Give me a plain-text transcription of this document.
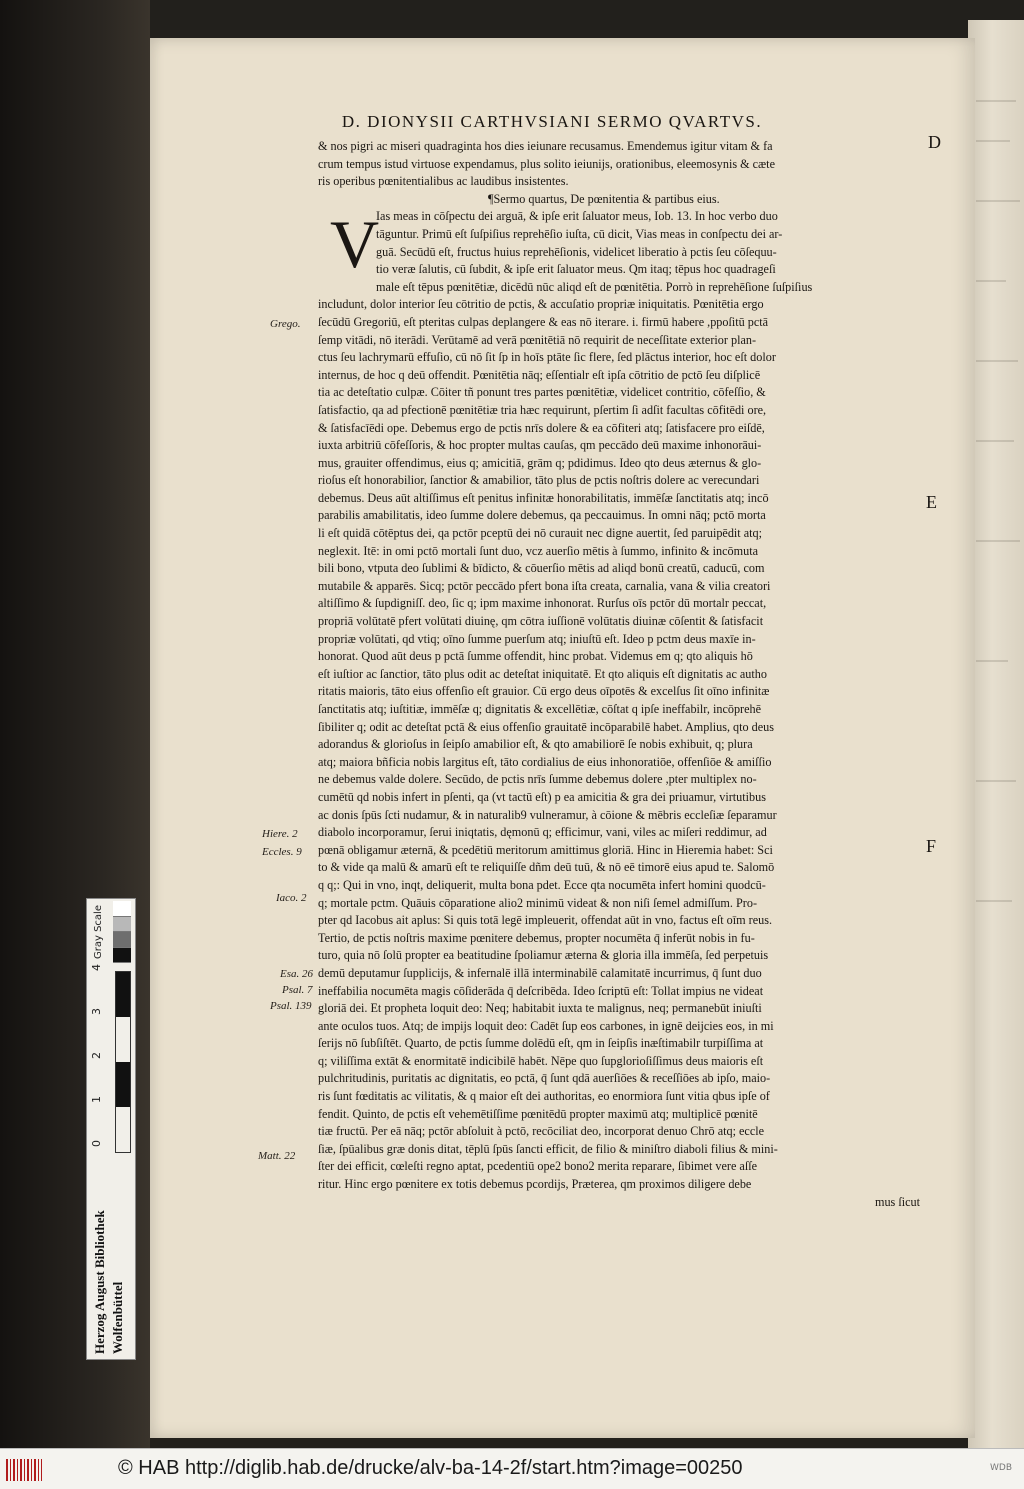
D. DIONYSII CARTHVSIANI SERMO QVARTVS.
D
E
F
V
& nos pigri ac miseri quadraginta hos dies ieiunare recusamus. Emendemus igitur vitam & fa
crum tempus istud virtuose expendamus, plus solito ieiunijs, orationibus, eleemosynis & cæte
ris operibus pœnitentialibus ac laudibus insistentes.
¶Sermo quartus, De pœnitentia & partibus eius.
Ias meas in cōſpectu dei arguā, & ipſe erit ſaluator meus, Iob. 13. In hoc verbo duo
tāguntur. Primū eſt ſuſpiſius reprehēſio iuſta, cū dicit, Vias meas in conſpectu dei ar-
guā. Secūdū eſt, fructus huius reprehēſionis, videlicet liberatio à pctis ſeu cōſequu-
tio veræ ſalutis, cū ſubdit, & ipſe erit ſaluator meus. Qm itaq; tēpus hoc quadrageſi
male eſt tēpus pœnitētiæ, dicēdū nūc aliqd eſt de pœnitētia. Porrò in reprehēſione ſuſpiſius
includunt, dolor interior ſeu cōtritio de pctis, & accuſatio propriæ iniquitatis. Pœnitētia ergo
ſecūdū Gregoriū, eſt pteritas culpas deplangere & eas nō iterare. i. firmū habere ,ppoſitū pctā
ſemp vitādi, nō iterādi. Verūtamē ad verā pœnitētiā nō requirit de neceſſitate exterior plan-
ctus ſeu lachrymarū effuſio, cū nō ſit ſp in hoīs ptāte ſic flere, ſed plāctus interior, hoc eſt dolor
internus, de hoc q deū offendit. Pœnitētia nāq; eſſentialr eſt ipſa cōtritio de pctō ſeu diſplicē
tia ac deteſtatio culpæ. Cōiter tñ ponunt tres partes pœnitētiæ, videlicet contritio, cōfeſſio, &
ſatisfactio, qa ad pfectionē pœnitētiæ tria hæc requirunt, pſertim ſi adſit facultas cōfitēdi ore,
& ſatisfacīēdi ope. Debemus ergo de pctis nrīs dolere & ea cōfiteri atq; ſatisfacere pro eiſdē,
iuxta arbitriū cōfeſſoris, & hoc propter multas cauſas, qm peccādo deū maxime inhonorāui-
mus, grauiter offendimus, eius q; amicitiā, grām q; pdidimus. Ideo qto deus æternus & glo-
rioſus eſt honorabilior, ſanctior & amabilior, tāto plus de pctis noſtris dolere ac verecundari
debemus. Deus aūt altiſſimus eſt penitus infinitæ honorabilitatis, immēſæ ſanctitatis atq; incō
parabilis amabilitatis, ideo ſumme dolere debemus, qa peccauimus. In omni nāq; pctō morta
li eſt quidā cōtēptus dei, qa pctōr pceptū dei nō curauit nec digne auertit, ſed paruipēdit atq;
neglexit. Itē: in omi pctō mortali ſunt duo, vcz auerſio mētis à ſummo, infinito & incōmuta
bili bono, vtputa deo ſublimi & bīdicto, & cōuerſio mētis ad aliqd bonū creatū, caducū, com
mutabile & apparēs. Sicq; pctōr peccādo pfert bona iſta creata, carnalia, vana & vilia creatori
altiſſimo & ſupdigniſſ. deo, ſic q; ipm maxime inhonorat. Rurſus oīs pctōr dū mortalr peccat,
propriā volūtatē pfert volūtati diuinę, qm cōtra iuſſionē volūtatis diuinæ cōſentit & ſatisfacit
propriæ volūtati, qd vtiq; oīno ſumme puerſum atq; iniuſtū eſt. Ideo p pctm deus maxīe in-
honorat. Quod aūt deus p pctā ſumme offendit, hinc probat. Videmus em q; qto aliquis hō
eſt iuſtior ac ſanctior, tāto plus odit ac deteſtat iniquitatē. Et qto aliquis eſt dignitatis ac autho
ritatis maioris, tāto eius offenſio eſt grauior. Cū ergo deus oīpotēs & excelſus ſit oīno infinitæ
ſanctitatis atq; iuſtitiæ, immēſæ q; dignitatis & excellētiæ, cōſtat q ipſe ineffabilr, incōprehē
ſibiliter q; odit ac deteſtat pctā & eius offenſio grauitatē incōparabilē habet. Amplius, qto deus
adorandus & glorioſus in ſeipſo amabilior eſt, & qto amabiliorē ſe nobis exhibuit, q; plura
atq; maiora bñficia nobis largitus eſt, tāto cordialius de eius inhonoratiōe, offenſiōe & amiſſio
ne debemus valde dolere. Secūdo, de pctis nrīs ſumme debemus dolere ,pter multiplex no-
cumētū qd nobis infert in pſenti, qa (vt tactū eſt) p ea amicitia & gra dei priuamur, virtutibus
ac donis ſpūs ſcti nudamur, & in naturalib9 vulneramur, à cōione & mēbris eccleſiæ ſeparamur
diabolo incorporamur, ſerui iniqtatis, dęmonū q; efficimur, vani, viles ac miſeri reddimur, ad
pœnā obligamur æternā, & pcedētiū meritorum amittimus gloriā. Hinc in Hieremia habet: Sci
to & vide qa malū & amarū eſt te reliquiſſe dñm deū tuū, & nō eē timorē eius apud te. Salomō
q q;: Qui in vno, inqt, deliquerit, multa bona pdet. Ecce qta nocumēta infert homini quodcū-
q; mortale pctm. Quāuis cōparatione alio2 minimū videat & non niſi ſemel admiſſum. Pro-
pter qd Iacobus ait aplus: Si quis totā legē impleuerit, offendat aūt in vno, factus eſt oīm reus.
Tertio, de pctis noſtris maxime pœnitere debemus, propter nocumēta q̄ inferūt nobis in fu-
turo, quia nō ſolū propter ea beatitudine ſpoliamur æterna & gloria illa immēſa, ſed perpetuis
demū deputamur ſupplicijs, & infernalē illā interminabilē calamitatē incurrimus, q̄ ſunt duo
ineffabilia nocumēta magis cōſiderāda q̄ deſcribēda. Ideo ſcriptū eſt: Tollat impius ne videat
gloriā dei. Et propheta loquit deo: Neq; habitabit iuxta te malignus, neq; permanebūt iniuſti
ante oculos tuos. Atq; de impijs loquit deo: Cadēt ſup eos carbones, in ignē deijcies eos, in mi
ſerijs nō ſubſiſtēt. Quarto, de pctis ſumme dolēdū eſt, qm in ſeipſis inæſtimabilr turpiſſima at
q; viliſſima extāt & enormitatē indicibilē habēt. Nēpe quo ſupglorioſiſſimus deus maioris eſt
pulchritudinis, puritatis ac dignitatis, eo pctā, q̄ ſunt qdā auerſiōes & receſſiōes ab ipſo, maio-
ris ſunt fœditatis ac vilitatis, & q maior eſt dei authoritas, eo enormiora ſunt vitia qbus ipſe of
fendit. Quinto, de pctis eſt vehemētiſſime pœnitēdū propter maximū atq; multiplicē pœnitē
tiæ fructū. Per eā nāq; pctōr abſoluit à pctō, recōciliat deo, incorporat denuo Chrō atq; eccle
ſiæ, ſpūalibus græ donis ditat, tēplū ſpūs ſancti efficit, de filio & miniſtro diaboli filius & mini-
ſter dei efficit, cœleſti regno aptat, pcedentiū ope2 bono2 merita reparare, ſibimet vere aſſe
ritur. Hinc ergo pœnitere ex totis debemus pcordijs, Præterea, qm proximos diligere debe
mus ſicut
Grego.
Hiere. 2
Eccles. 9
Iaco. 2
Esa. 26
Psal. 7
Psal. 139
Matt. 22
Gray Scale
0
1
2
3
4
Herzog August Bibliothek Wolfenbüttel
© HAB http://diglib.hab.de/drucke/alv-ba-14-2f/start.htm?image=00250	WDB
